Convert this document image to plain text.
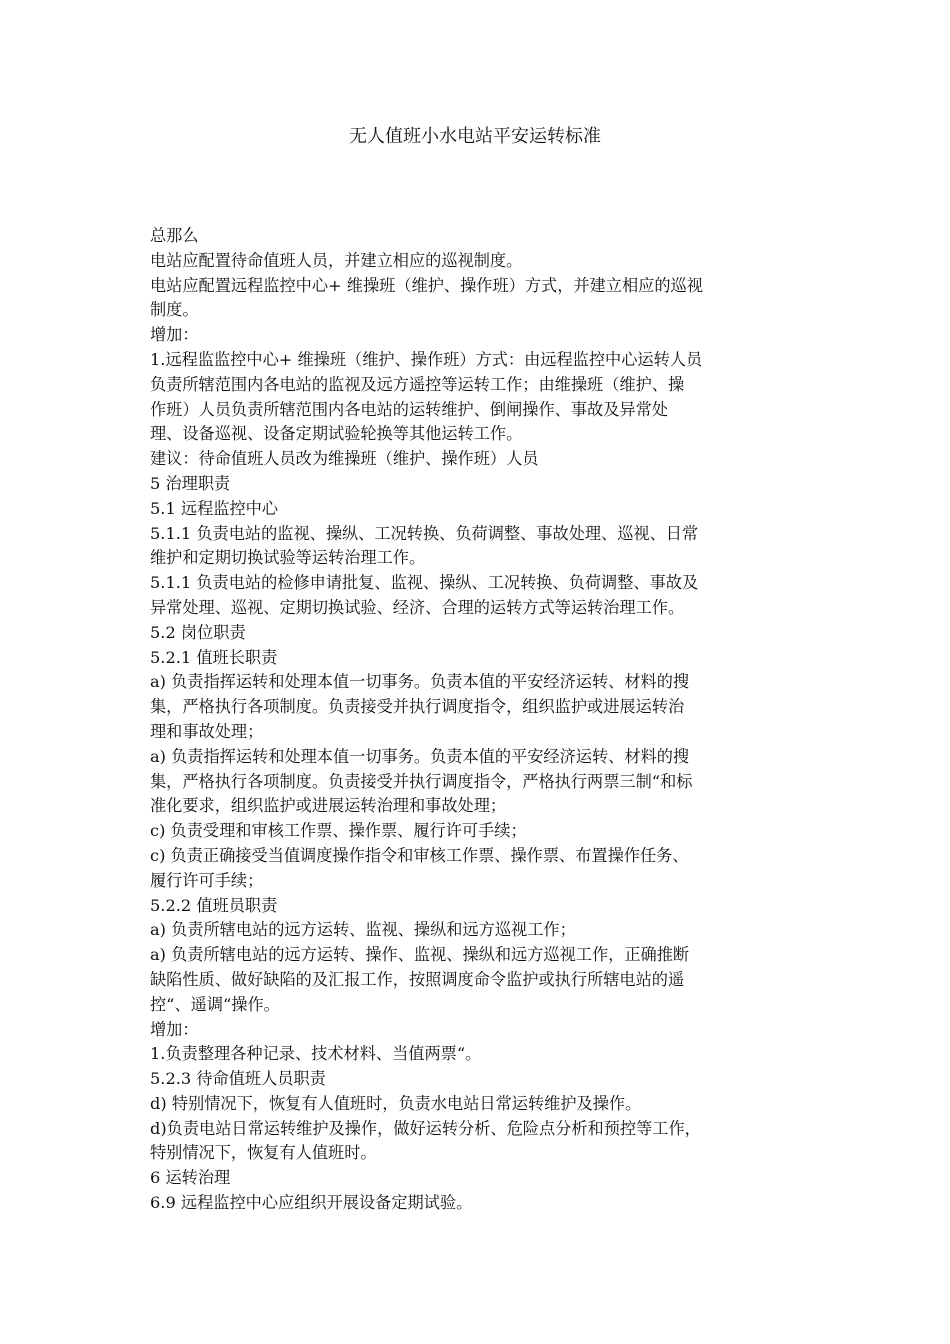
无人值班小水电站平安运转标准

总那么

电站应配置待命值班人员，并建立相应的巡视制度。

电站应配置远程监控中心+ 维操班（维护、操作班）方式，并建立相应的巡视

制度。

增加：

1.远程监监控中心+ 维操班（维护、操作班）方式：由远程监控中心运转人员

负责所辖范围内各电站的监视及远方遥控等运转工作；由维操班（维护、操

作班）人员负责所辖范围内各电站的运转维护、倒闸操作、事故及异常处

理、设备巡视、设备定期试验轮换等其他运转工作。

建议：待命值班人员改为维操班（维护、操作班）人员

5 治理职责

5.1 远程监控中心

5.1.1 负责电站的监视、操纵、工况转换、负荷调整、事故处理、巡视、日常

维护和定期切换试验等运转治理工作。

5.1.1 负责电站的检修申请批复、监视、操纵、工况转换、负荷调整、事故及

异常处理、巡视、定期切换试验、经济、合理的运转方式等运转治理工作。

5.2 岗位职责

5.2.1 值班长职责

a) 负责指挥运转和处理本值一切事务。负责本值的平安经济运转、材料的搜

集，严格执行各项制度。负责接受并执行调度指令，组织监护或进展运转治

理和事故处理；

a) 负责指挥运转和处理本值一切事务。负责本值的平安经济运转、材料的搜

集，严格执行各项制度。负责接受并执行调度指令，严格执行两票三制“和标

准化要求，组织监护或进展运转治理和事故处理；

c) 负责受理和审核工作票、操作票、履行许可手续；

c) 负责正确接受当值调度操作指令和审核工作票、操作票、布置操作任务、

履行许可手续；

5.2.2 值班员职责

a) 负责所辖电站的远方运转、监视、操纵和远方巡视工作；

a) 负责所辖电站的远方运转、操作、监视、操纵和远方巡视工作，正确推断

缺陷性质、做好缺陷的及汇报工作，按照调度命令监护或执行所辖电站的遥

控“、遥调“操作。

增加：

1.负责整理各种记录、技术材料、当值两票“。

5.2.3 待命值班人员职责

d) 特别情况下，恢复有人值班时，负责水电站日常运转维护及操作。

d)负责电站日常运转维护及操作，做好运转分析、危险点分析和预控等工作，

特别情况下，恢复有人值班时。

6 运转治理

6.9 远程监控中心应组织开展设备定期试验。
